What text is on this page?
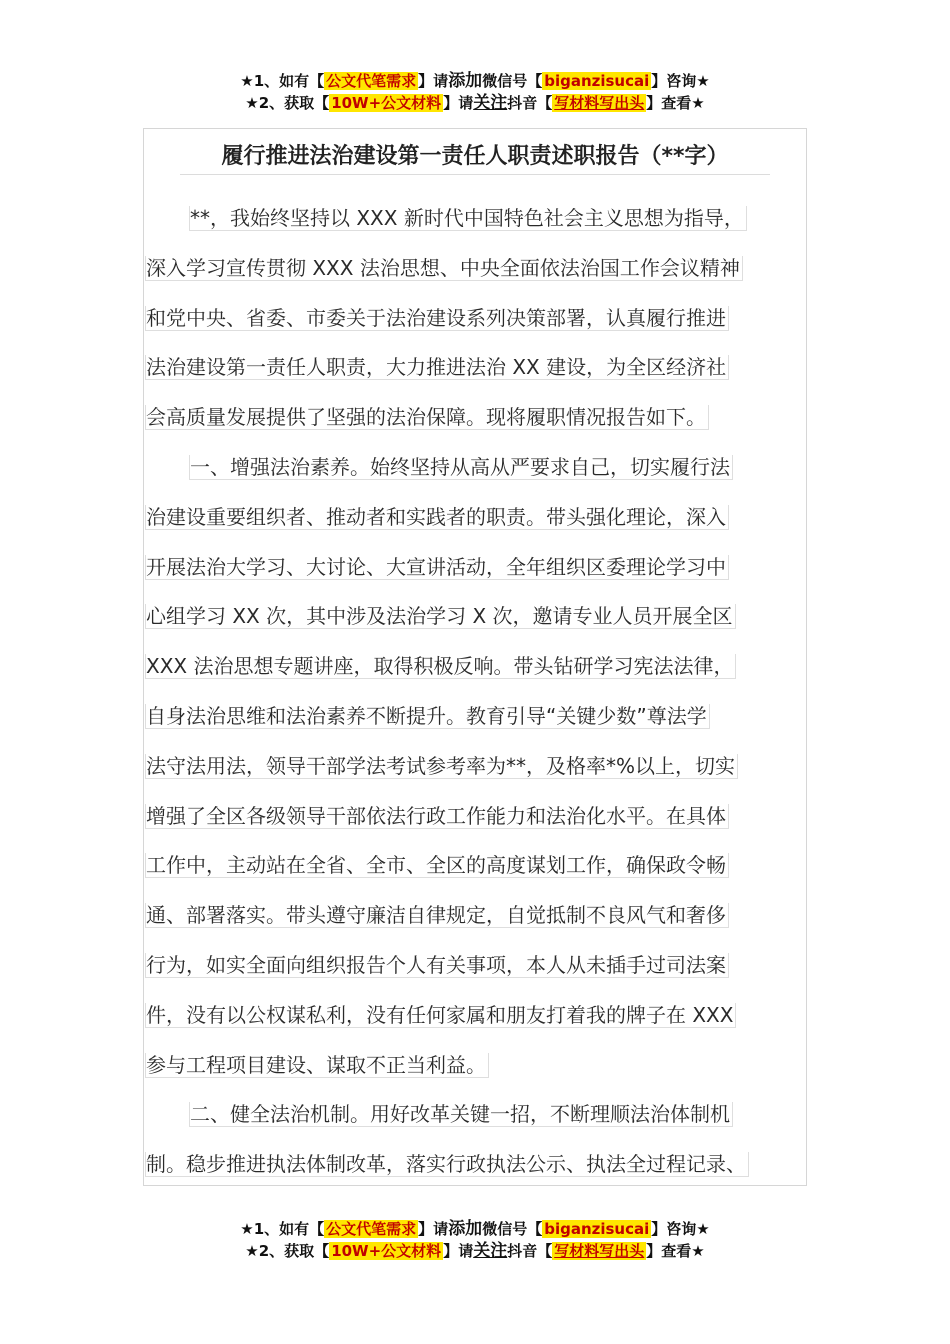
★1、如有【 公文代笔需求 】请添加微信号【 biganzisucai 】咨询★
★2、获取【 10W+公文材料 】请关注抖音【 写材料写出头 】查看★
履行推进法治建设第一责任人职责述职报告（**字）
**，我始终坚持以 XXX 新时代中国特色社会主义思想为指导，
深入学习宣传贯彻 XXX 法治思想、中央全面依法治国工作会议精神
和党中央、省委、市委关于法治建设系列决策部署，认真履行推进
法治建设第一责任人职责，大力推进法治 XX 建设，为全区经济社
会高质量发展提供了坚强的法治保障。现将履职情况报告如下。
一、增强法治素养。始终坚持从高从严要求自己，切实履行法
治建设重要组织者、推动者和实践者的职责。带头强化理论，深入
开展法治大学习、大讨论、大宣讲活动，全年组织区委理论学习中
心组学习 XX 次，其中涉及法治学习 X 次，邀请专业人员开展全区
XXX 法治思想专题讲座，取得积极反响。带头钻研学习宪法法律，
自身法治思维和法治素养不断提升。教育引导“关键少数”尊法学
法守法用法，领导干部学法考试参考率为**，及格率*%以上，切实
增强了全区各级领导干部依法行政工作能力和法治化水平。在具体
工作中，主动站在全省、全市、全区的高度谋划工作，确保政令畅
通、部署落实。带头遵守廉洁自律规定，自觉抵制不良风气和奢侈
行为，如实全面向组织报告个人有关事项，本人从未插手过司法案
件，没有以公权谋私利，没有任何家属和朋友打着我的牌子在 XXX
参与工程项目建设、谋取不正当利益。
二、健全法治机制。用好改革关键一招，不断理顺法治体制机
制。稳步推进执法体制改革，落实行政执法公示、执法全过程记录、
★1、如有【 公文代笔需求 】请添加微信号【 biganzisucai 】咨询★
★2、获取【 10W+公文材料 】请关注抖音【 写材料写出头 】查看★
